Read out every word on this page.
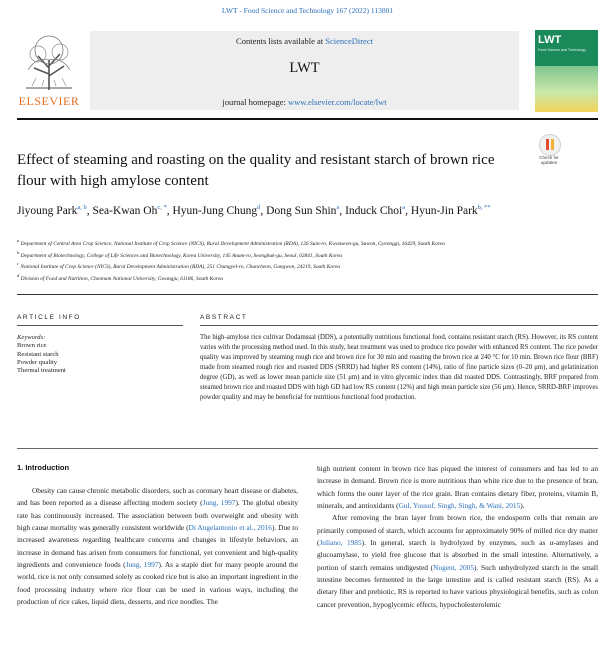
LWT - Food Science and Technology 167 (2022) 113801
ELSEVIER
Contents lists available at ScienceDirect
LWT
journal homepage: www.elsevier.com/locate/lwt
LWT
Food Science and Technology
Effect of steaming and roasting on the quality and resistant starch of brown rice flour with high amylose content
Check for
updates
Jiyoung Park$^{a, b}$, Sea-Kwan $Oh^{c, *}$, Hyun-Jung Chung$^d$, Dong Sun Shin$^a$, Induck Choi$^a$, Hyun-Jin Park$^{b, **}$
$^a$ Department of Central Area Crop Science, National Institute of Crop Science (NICS), Rural Development Administration (RDA), 126 Suin-ro, Kwonseon-gu, Suwon, Gyeonggi, 16429, South Korea
$^b$ Department of Biotechnology, College of Life Sciences and Biotechnology, Korea University, 145 Anam-ro, Seongbuk-gu, Seoul, 02841, South Korea
$^c$ National Institute of Crop Science (NICS), Rural Development Administration (RDA), 251 Chungyel-ro, Chuncheon, Gangwon, 24219, South Korea
$^d$ Division of Food and Nutrition, Chonnam National University, Gwangju, 61186, South Korea
ARTICLE INFO	ABSTRACT
Keywords:
Brown rice
Resistant starch
Powder quality
Thermal treatment
The high-amylose rice cultivar Dodamssal (DDS), a potentially nutritious functional food, contains resistant starch (RS). However, its RS content varies with the processing method used. In this study, heat treatment was used to produce rice powder with enhanced RS content. The rice powder quality was improved by steaming rough rice and brown rice for 30 min and roasting the brown rice at 240 °C for 10 min. Brown rice flour (BRF) made from steamed rough rice and roasted DDS (SRRD) had higher RS content (14%), ratio of fine particle sizes (0–20 μm), and gelatinization degree (GD), as well as lower mean particle size (51 μm) and in vitro glycemic index than did roasted DDS. Contrastingly, BRF prepared from steamed brown rice and roasted DDS with high GD had low RS content (12%) and high mean particle size (56 μm). Hence, SRRD-BRF improves powder quality and may be beneficial for nutritious functional food production.
1. Introduction

Obesity can cause chronic metabolic disorders, such as coronary heart disease or diabetes, and has been reported as a disease affecting modern society (Jung, 1997). The global obesity rate has continuously increased. The association between both overweight and obesity with high cause mortality was generally consistent worldwide (Di Angelantonio et al., 2016). Due to increased awareness regarding healthcare concerns and changes in lifestyle behaviors, an increase in demand has arisen from consumers for functional, yet convenient and high-quality ingredients and convenience foods (Jung, 1997). As a staple diet for many people around the world, rice is not only consumed solely as cooked rice but is also an important ingredient in the food processing industry where rice flour can be used in various ways, including the production of rice cakes, liquid diets, desserts, and rice noodles. The

high nutrient content in brown rice has piqued the interest of consumers and has led to an increase in demand. Brown rice is more nutritious than white rice due to the presence of bran, which forms the outer layer of the rice grain. Bran contains dietary fiber, proteins, vitamin B, minerals, and antioxidants (Gul, Yousuf, Singh, Singh, & Wani, 2015).

After removing the bran layer from brown rice, the endosperm cells that remain are primarily composed of starch, which accounts for approximately 90% of milled rice dry matter (Juliano, 1985). In general, starch is hydrolyzed by enzymes, such as α-amylases and glucoamylase, to yield free glucose that is absorbed in the small intestine. Alternatively, a portion of starch remains undigested (Nugent, 2005). Such unhydrolyzed starch in the small intestine becomes fermented in the large intestine and is called resistant starch (RS). As a dietary fiber and prebiotic, RS is reported to have various physiological benefits, such as colon cancer prevention, hypoglycemic effects, hypocholesterolemic
